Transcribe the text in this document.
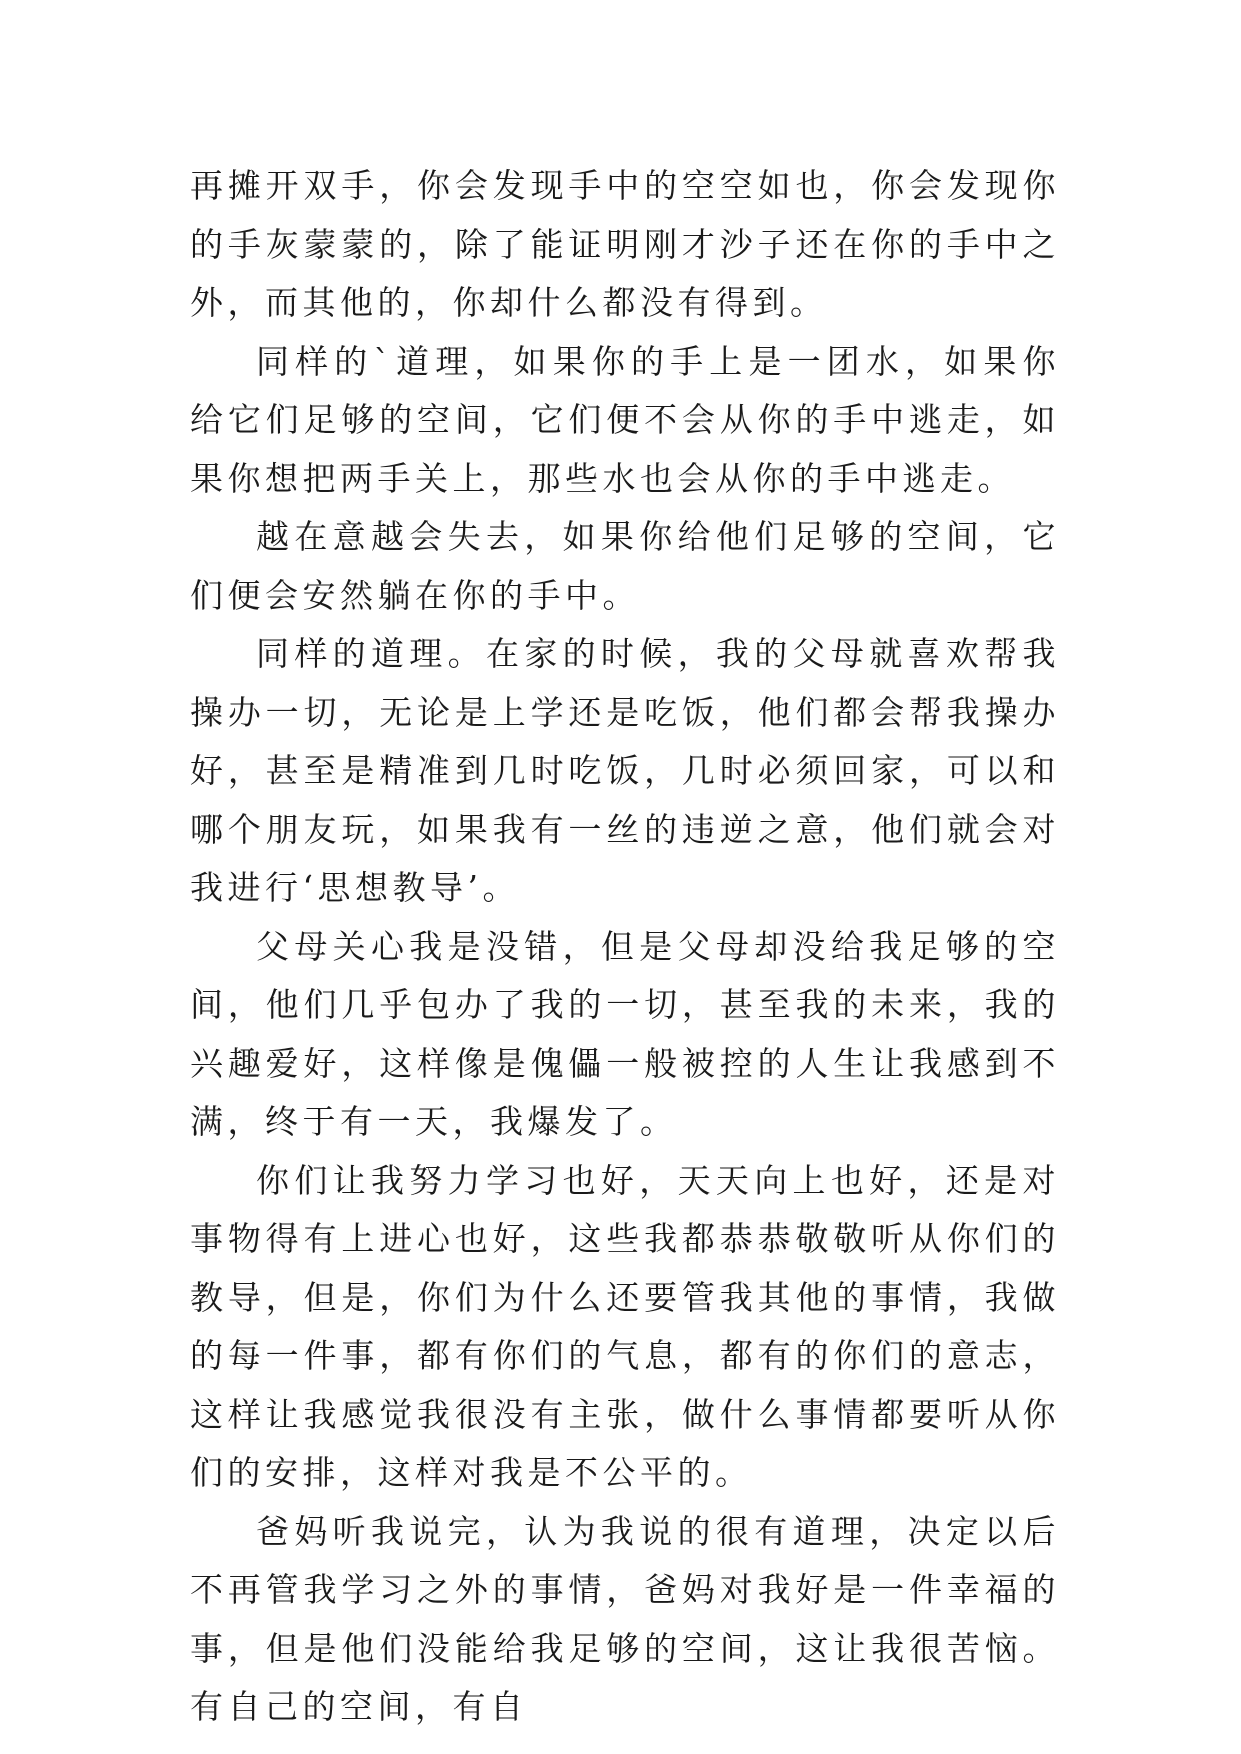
再摊开双手，你会发现手中的空空如也，你会发现你的手灰蒙蒙的，除了能证明刚才沙子还在你的手中之外，而其他的，你却什么都没有得到。

同样的`道理，如果你的手上是一团水，如果你给它们足够的空间，它们便不会从你的手中逃走，如果你想把两手关上，那些水也会从你的手中逃走。

越在意越会失去，如果你给他们足够的空间，它们便会安然躺在你的手中。

同样的道理。在家的时候，我的父母就喜欢帮我操办一切，无论是上学还是吃饭，他们都会帮我操办好，甚至是精准到几时吃饭，几时必须回家，可以和哪个朋友玩，如果我有一丝的违逆之意，他们就会对我进行‘思想教导’。

父母关心我是没错，但是父母却没给我足够的空间，他们几乎包办了我的一切，甚至我的未来，我的兴趣爱好，这样像是傀儡一般被控的人生让我感到不满，终于有一天，我爆发了。

你们让我努力学习也好，天天向上也好，还是对事物得有上进心也好，这些我都恭恭敬敬听从你们的教导，但是，你们为什么还要管我其他的事情，我做的每一件事，都有你们的气息，都有的你们的意志，这样让我感觉我很没有主张，做什么事情都要听从你们的安排，这样对我是不公平的。

爸妈听我说完，认为我说的很有道理，决定以后不再管我学习之外的事情，爸妈对我好是一件幸福的事，但是他们没能给我足够的空间，这让我很苦恼。有自己的空间，有自
